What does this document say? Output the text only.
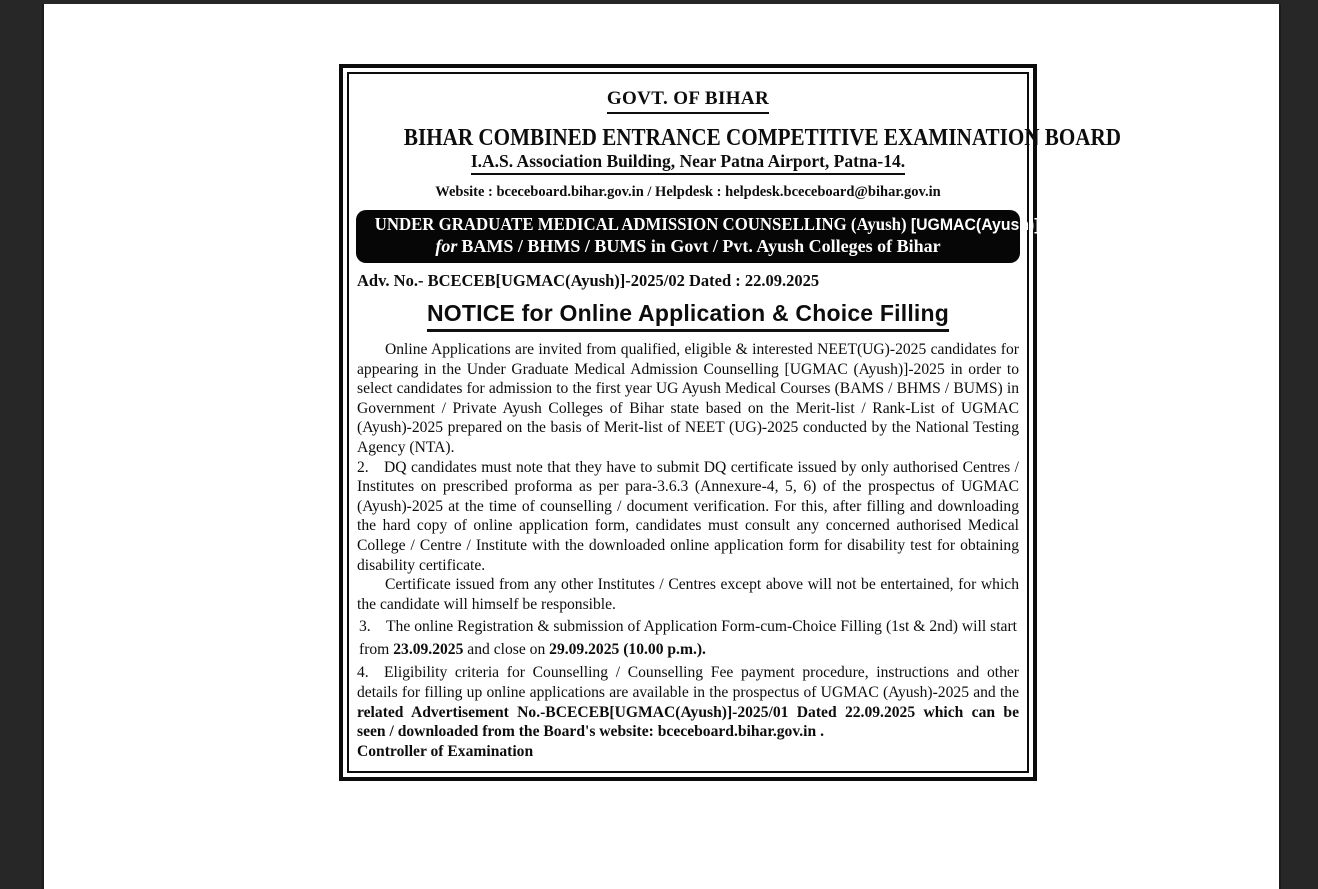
GOVT. OF BIHAR
BIHAR COMBINED ENTRANCE COMPETITIVE EXAMINATION BOARD
I.A.S. Association Building, Near Patna Airport, Patna-14.

Website : bceceboard.bihar.gov.in / Helpdesk : helpdesk.bceceboard@bihar.gov.in

UNDER GRADUATE MEDICAL ADMISSION COUNSELLING (Ayush) [UGMAC(Ayush)]-2025
for BAMS / BHMS / BUMS in Govt / Pvt. Ayush Colleges of Bihar

Adv. No.- BCECEB[UGMAC(Ayush)]-2025/02 Dated : 22.09.2025

NOTICE for Online Application & Choice Filling

Online Applications are invited from qualified, eligible & interested NEET(UG)-2025 candidates for appearing in the Under Graduate Medical Admission Counselling [UGMAC (Ayush)]-2025 in order to select candidates for admission to the first year UG Ayush Medical Courses (BAMS / BHMS / BUMS) in Government / Private Ayush Colleges of Bihar state based on the Merit-list / Rank-List of UGMAC (Ayush)-2025 prepared on the basis of Merit-list of NEET (UG)-2025 conducted by the National Testing Agency (NTA).

2. DQ candidates must note that they have to submit DQ certificate issued by only authorised Centres / Institutes on prescribed proforma as per para-3.6.3 (Annexure-4, 5, 6) of the prospectus of UGMAC (Ayush)-2025 at the time of counselling / document verification. For this, after filling and downloading the hard copy of online application form, candidates must consult any concerned authorised Medical College / Centre / Institute with the downloaded online application form for disability test for obtaining disability certificate.

Certificate issued from any other Institutes / Centres except above will not be entertained, for which the candidate will himself be responsible.

3. The online Registration & submission of Application Form-cum-Choice Filling (1st & 2nd) will start from 23.09.2025 and close on 29.09.2025 (10.00 p.m.).

4. Eligibility criteria for Counselling / Counselling Fee payment procedure, instructions and other details for filling up online applications are available in the prospectus of UGMAC (Ayush)-2025 and the related Advertisement No.-BCECEB[UGMAC(Ayush)]-2025/01 Dated 22.09.2025 which can be seen / downloaded from the Board's website: bceceboard.bihar.gov.in .

Controller of Examination
